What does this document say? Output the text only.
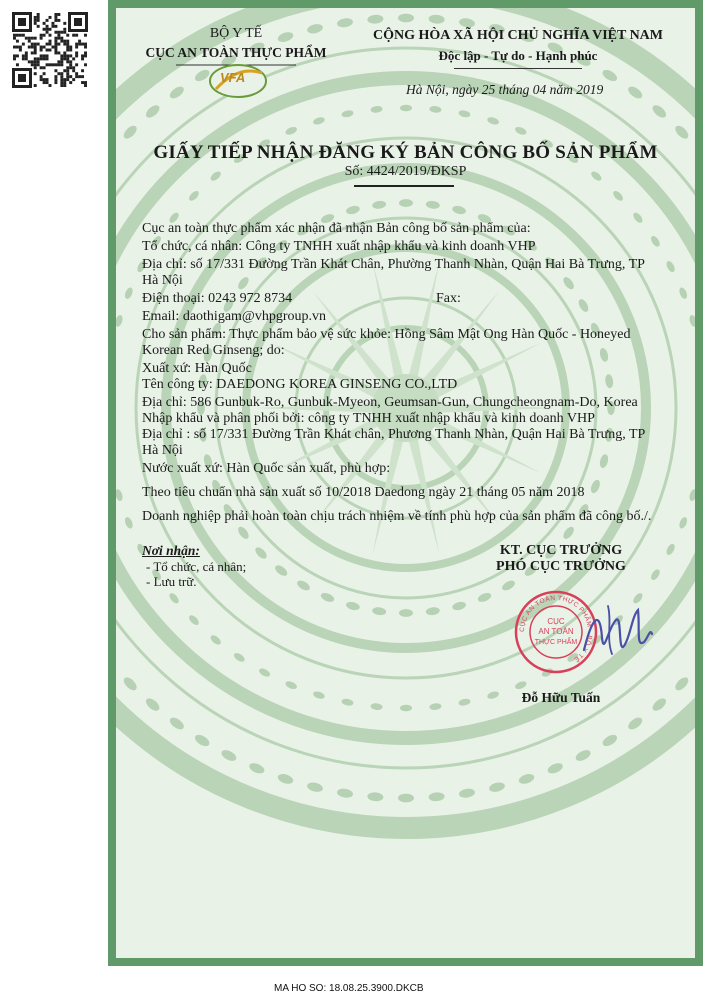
BỘ Y TẾ
CỤC AN TOÀN THỰC PHẨM
VFA
CỘNG HÒA XÃ HỘI CHỦ NGHĨA VIỆT NAM
Độc lập - Tự do - Hạnh phúc
Hà Nội, ngày 25 tháng 04 năm 2019
GIẤY TIẾP NHẬN ĐĂNG KÝ BẢN CÔNG BỐ SẢN PHẨM
Số: 4424/2019/ĐKSP
Cục an toàn thực phẩm xác nhận đã nhận Bản công bố sản phẩm của:
Tổ chức, cá nhân: Công ty TNHH xuất nhập khẩu và kinh doanh VHP
Địa chỉ: số 17/331 Đường Trần Khát Chân, Phường Thanh Nhàn, Quận Hai Bà Trưng, TP
Hà Nội
Điện thoại: 0243 972 8734	Fax:
Email: daothigam@vhpgroup.vn
Cho sản phẩm: Thực phẩm bảo vệ sức khỏe: Hồng Sâm Mật Ong Hàn Quốc - Honeyed
Korean Red Ginseng; do:
Xuất xứ: Hàn Quốc
Tên công ty: DAEDONG KOREA GINSENG CO.,LTD
Địa chỉ: 586 Gunbuk-Ro, Gunbuk-Myeon, Geumsan-Gun, Chungcheongnam-Do, Korea
Nhập khẩu và phân phối bởi: công ty TNHH xuất nhập khẩu và kinh doanh VHP
Địa chỉ : số 17/331 Đường Trần Khát chân, Phương Thanh Nhàn, Quận Hai Bà Trưng, TP
Hà Nội
Nước xuất xứ: Hàn Quốc sản xuất, phù hợp:
Theo tiêu chuẩn nhà sản xuất số 10/2018 Daedong ngày 21 tháng 05 năm 2018
Doanh nghiệp phải hoàn toàn chịu trách nhiệm về tính phù hợp của sản phẩm đã công bố./.
Nơi nhận:
- Tổ chức, cá nhân;
- Lưu trữ.
KT. CỤC TRƯỞNG
PHÓ CỤC TRƯỞNG
CỤC AN TOÀN THỰC PHẨM · BỘ Y TẾ
CỤC
AN TOÀN
THỰC PHẨM
Đỗ Hữu Tuấn
MA HO SO: 18.08.25.3900.DKCB
